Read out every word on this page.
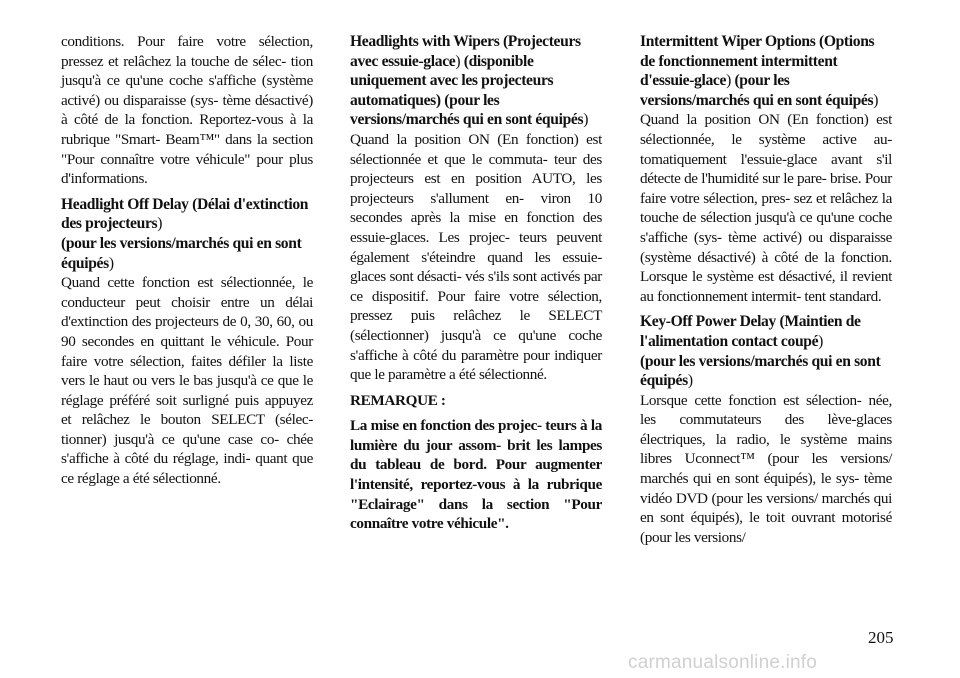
conditions. Pour faire votre sélection, pressez et relâchez la touche de sélec- tion jusqu'à ce qu'une coche s'affiche (système activé) ou disparaisse (sys- tème désactivé) à côté de la fonction. Reportez-vous à la rubrique "Smart- Beam™" dans la section "Pour connaître votre véhicule" pour plus d'informations.

Headlight Off Delay (Délai d'extinction des projecteurs)

(pour les versions/marchés qui en sont équipés)

Quand cette fonction est sélectionnée, le conducteur peut choisir entre un délai d'extinction des projecteurs de 0, 30, 60, ou 90 secondes en quittant le véhicule. Pour faire votre sélection, faites défiler la liste vers le haut ou vers le bas jusqu'à ce que le réglage préféré soit surligné puis appuyez et relâchez le bouton SELECT (sélec- tionner) jusqu'à ce qu'une case co- chée s'affiche à côté du réglage, indi- quant que ce réglage a été sélectionné.

Headlights with Wipers (Projecteurs avec essuie-glace) (disponible uniquement avec les projecteurs automatiques) (pour les versions/marchés qui en sont équipés)

Quand la position ON (En fonction) est sélectionnée et que le commuta- teur des projecteurs est en position AUTO, les projecteurs s'allument en- viron 10 secondes après la mise en fonction des essuie-glaces. Les projec- teurs peuvent également s'éteindre quand les essuie-glaces sont désacti- vés s'ils sont activés par ce dispositif. Pour faire votre sélection, pressez puis relâchez le SELECT (sélectionner) jusqu'à ce qu'une coche s'affiche à côté du paramètre pour indiquer que le paramètre a été sélectionné.

REMARQUE :

La mise en fonction des projec- teurs à la lumière du jour assom- brit les lampes du tableau de bord. Pour augmenter l'intensité, reportez-vous à la rubrique "Eclairage" dans la section "Pour connaître votre véhicule".

Intermittent Wiper Options (Options de fonctionnement intermittent d'essuie-glace) (pour les versions/marchés qui en sont équipés)

Quand la position ON (En fonction) est sélectionnée, le système active au- tomatiquement l'essuie-glace avant s'il détecte de l'humidité sur le pare- brise. Pour faire votre sélection, pres- sez et relâchez la touche de sélection jusqu'à ce qu'une coche s'affiche (sys- tème activé) ou disparaisse (système désactivé) à côté de la fonction. Lorsque le système est désactivé, il revient au fonctionnement intermit- tent standard.

Key-Off Power Delay (Maintien de l'alimentation contact coupé)

(pour les versions/marchés qui en sont équipés)

Lorsque cette fonction est sélection- née, les commutateurs des lève-glaces électriques, la radio, le système mains libres Uconnect™ (pour les versions/ marchés qui en sont équipés), le sys- tème vidéo DVD (pour les versions/ marchés qui en sont équipés), le toit ouvrant motorisé (pour les versions/

205
carmanualsonline.info
